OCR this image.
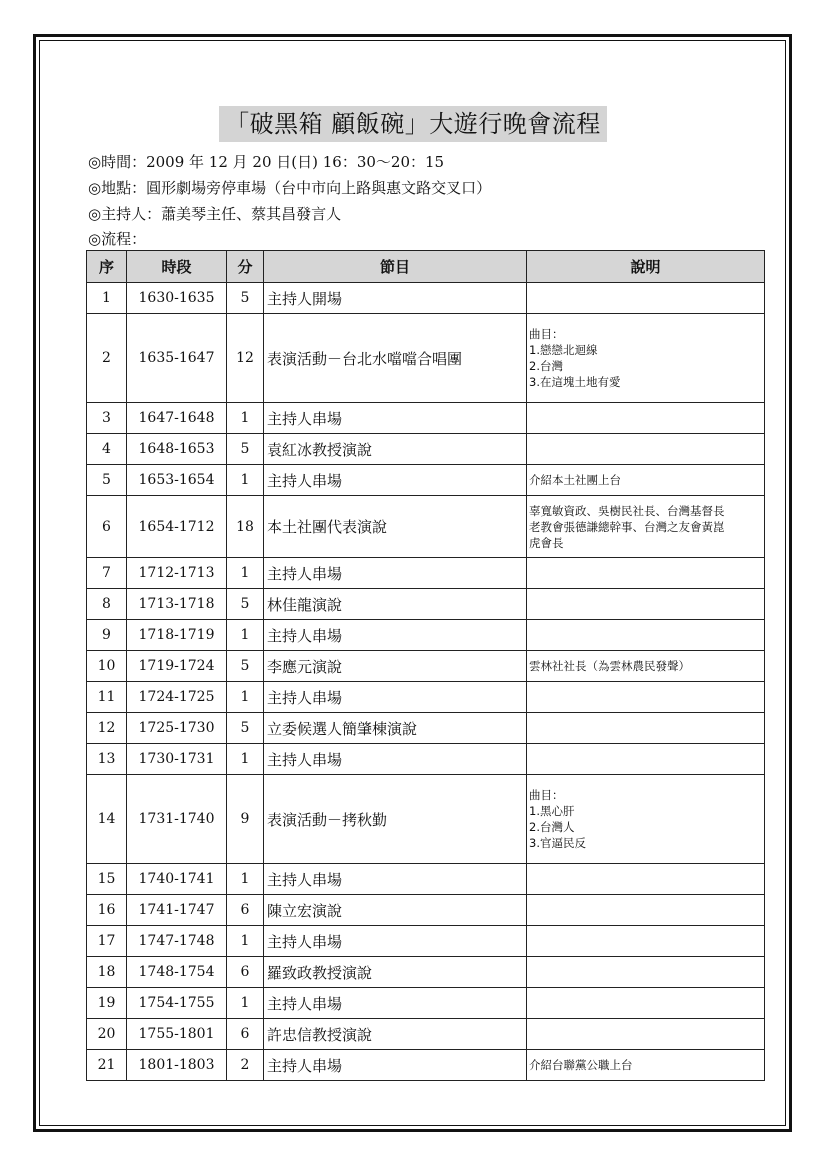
「破黑箱 顧飯碗」大遊行晚會流程
◎時間：2009 年 12 月 20 日(日) 16：30～20：15
◎地點：圓形劇場旁停車場（台中市向上路與惠文路交叉口）
◎主持人：蕭美琴主任、蔡其昌發言人
◎流程：
序	時段	分	節目	說明
1	1630-1635	5	主持人開場	
2	1635-1647	12	表演活動－台北水噹噹合唱團	曲目：
1.戀戀北迴線
2.台灣
3.在這塊土地有愛

3	1647-1648	1	主持人串場	
4	1648-1653	5	袁紅冰教授演說	
5	1653-1654	1	主持人串場	介紹本土社團上台

6	1654-1712	18	本土社團代表演說	辜寬敏資政、吳樹民社長、台灣基督長
老教會張德謙總幹事、台灣之友會黃崑
虎會長

7	1712-1713	1	主持人串場	
8	1713-1718	5	林佳龍演說	
9	1718-1719	1	主持人串場	
10	1719-1724	5	李應元演說	雲林社社長（為雲林農民發聲）

11	1724-1725	1	主持人串場	
12	1725-1730	5	立委候選人簡肇棟演說	
13	1730-1731	1	主持人串場	
14	1731-1740	9	表演活動－拷秋勤	曲目：
1.黑心肝
2.台灣人
3.官逼民反

15	1740-1741	1	主持人串場	
16	1741-1747	6	陳立宏演說	
17	1747-1748	1	主持人串場	
18	1748-1754	6	羅致政教授演說	
19	1754-1755	1	主持人串場	
20	1755-1801	6	許忠信教授演說	
21	1801-1803	2	主持人串場	介紹台聯黨公職上台
